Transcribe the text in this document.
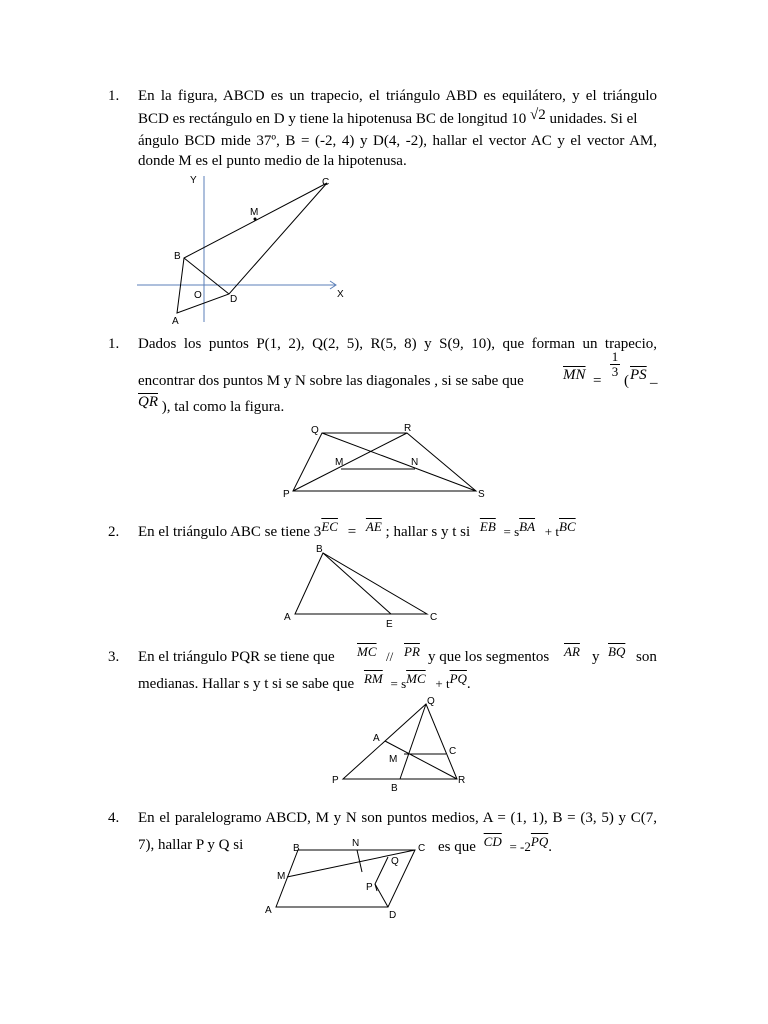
1.	En la figura, ABCD es un trapecio, el triángulo ABD es equilátero, y el triángulo
BCD es rectángulo en D y tiene la hipotenusa BC de longitud 10 √2 unidades. Si el
ángulo BCD mide 37º, B = (-2, 4) y D(4, -2), hallar el vector AC y el vector AM,
donde M es el punto medio de la hipotenusa.
Y
X
C
M
B
O	D
A
1.	Dados los puntos P(1, 2), Q(2, 5), R(5, 8) y S(9, 10), que forman un trapecio,
$\frac{1}{3}$
encontrar dos puntos M y N sobre las diagonales , si se sabe que	$\overline{MN}$ = ( $\overline{PS}$ –
$\overline{QR}$ ), tal como la figura.
Q	R
M	N
P	S
2.	En el triángulo ABC se tiene $3\overline{EC} = \overline{AE}$ ; hallar s y t si $\overline{EB} = s\overline{BA} + t\overline{BC}$
B
A
E
C
3.	En el triángulo PQR se tiene que $\overline{MC} // \overline{PR}$ y que los segmentos $\overline{AR}$ y $\overline{BQ}$ son
medianas. Hallar s y t si se sabe que $\overline{RM} = s\overline{MC} + t\overline{PQ}$.
Q
A
C
M
P	R
B
4.	En el paralelogramo ABCD, M y N son puntos medios, A = (1, 1), B = (3, 5) y C(7,
7), hallar P y Q si	es que $\overline{CD} = -2\overline{PQ}$.
B	N	C
Q
M
P
A	D
